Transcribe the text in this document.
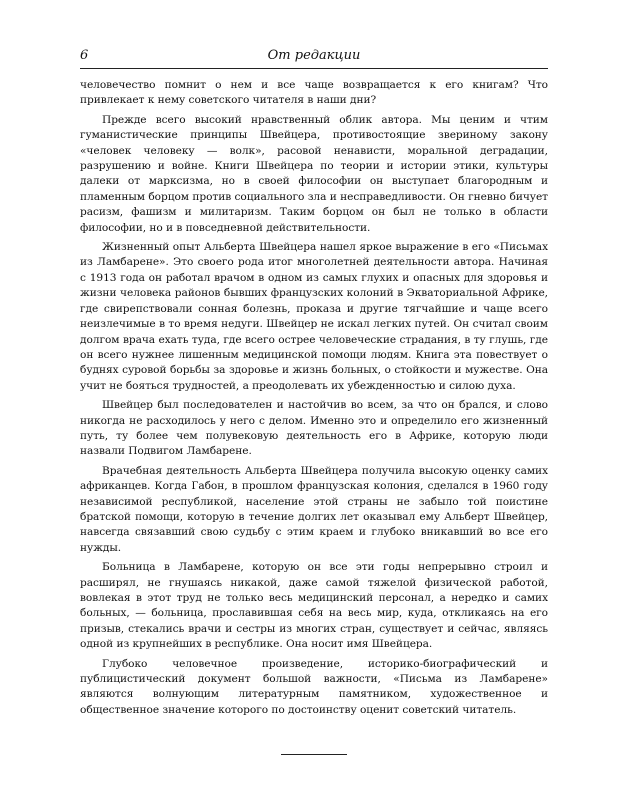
6	От редакции

человечество помнит о нем и все чаще возвращается к его книгам? Что привлекает к нему советского читателя в наши дни?

Прежде всего высокий нравственный облик автора. Мы ценим и чтим гуманистические принципы Швейцера, противостоящие звериному закону «человек человеку — волк», расовой ненависти, моральной деградации, разрушению и войне. Книги Швейцера по теории и истории этики, культуры далеки от марксизма, но в своей философии он выступает благородным и пламенным борцом против социального зла и несправедливости. Он гневно бичует расизм, фашизм и милитаризм. Таким борцом он был не только в области философии, но и в повседневной действительности.

Жизненный опыт Альберта Швейцера нашел яркое выражение в его «Письмах из Ламбарене». Это своего рода итог многолетней деятельности автора. Начиная с 1913 года он работал врачом в одном из самых глухих и опасных для здоровья и жизни человека районов бывших французских колоний в Экваториальной Африке, где свирепствовали сонная болезнь, проказа и другие тягчайшие и чаще всего неизлечимые в то время недуги. Швейцер не искал легких путей. Он считал своим долгом врача ехать туда, где всего острее человеческие страдания, в ту глушь, где он всего нужнее лишенным медицинской помощи людям. Книга эта повествует о буднях суровой борьбы за здоровье и жизнь больных, о стойкости и мужестве. Она учит не бояться трудностей, а преодолевать их убежденностью и силою духа.

Швейцер был последователен и настойчив во всем, за что он брался, и слово никогда не расходилось у него с делом. Именно это и определило его жизненный путь, ту более чем полувековую деятельность его в Африке, которую люди назвали Подвигом Ламбарене.

Врачебная деятельность Альберта Швейцера получила высокую оценку самих африканцев. Когда Габон, в прошлом французская колония, сделался в 1960 году независимой республикой, население этой страны не забыло той поистине братской помощи, которую в течение долгих лет оказывал ему Альберт Швейцер, навсегда связавший свою судьбу с этим краем и глубоко вникавший во все его нужды.

Больница в Ламбарене, которую он все эти годы непрерывно строил и расширял, не гнушаясь никакой, даже самой тяжелой физической работой, вовлекая в этот труд не только весь медицинский персонал, а нередко и самих больных, — больница, прославившая себя на весь мир, куда, откликаясь на его призыв, стекались врачи и сестры из многих стран, существует и сейчас, являясь одной из крупнейших в республике. Она носит имя Швейцера.

Глубоко человечное произведение, историко-биографический и публицистический документ большой важности, «Письма из Ламбарене» являются волнующим литературным памятником, художественное и общественное значение которого по достоинству оценит советский читатель.
